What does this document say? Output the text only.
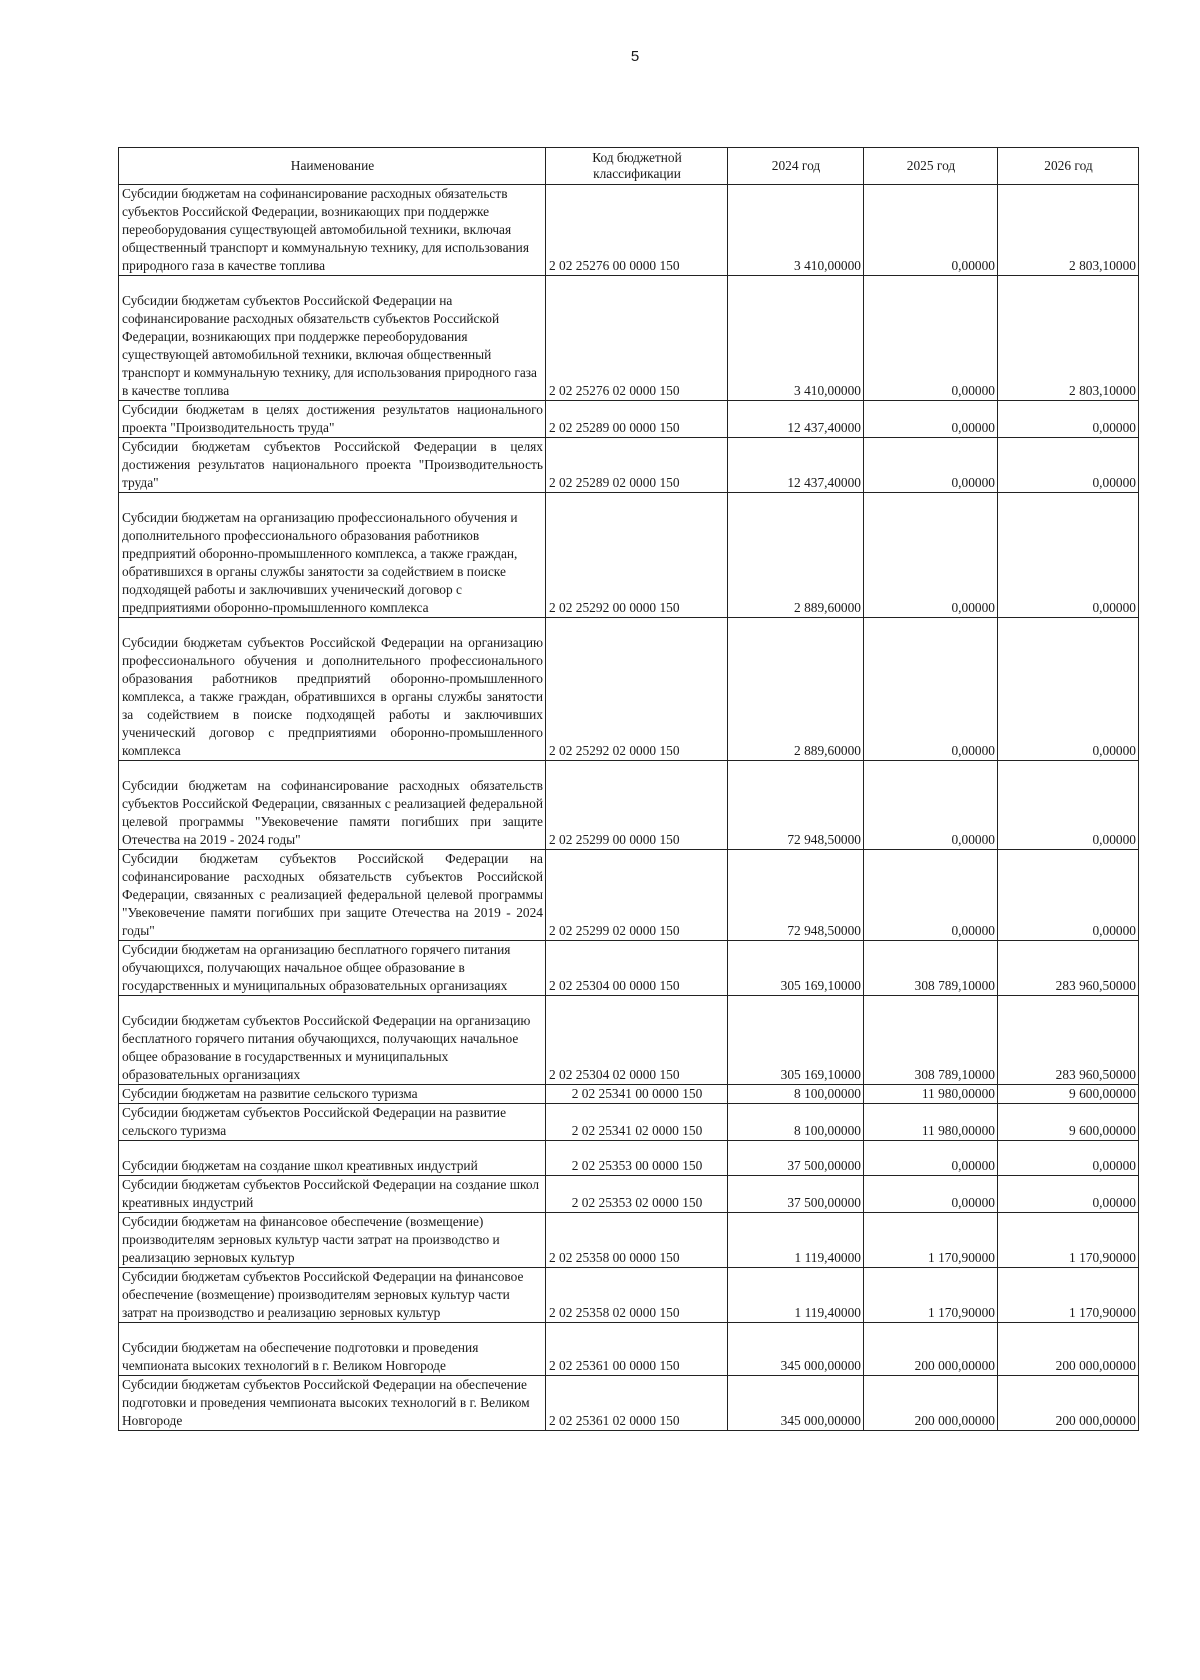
5
Наименование	Код бюджетной классификации	2024 год	2025 год	2026 год
Субсидии бюджетам на софинансирование расходных обязательств субъектов Российской Федерации, возникающих при поддержке переоборудования существующей автомобильной техники, включая общественный транспорт и коммунальную технику, для использования природного газа в качестве топлива	2 02 25276 00 0000 150	3 410,00000	0,00000	2 803,10000
Субсидии бюджетам субъектов Российской Федерации на софинансирование расходных обязательств субъектов Российской Федерации, возникающих при поддержке переоборудования существующей автомобильной техники, включая общественный транспорт и коммунальную технику, для использования природного газа в качестве топлива	2 02 25276 02 0000 150	3 410,00000	0,00000	2 803,10000
Субсидии бюджетам в целях достижения результатов национального проекта "Производительность труда"	2 02 25289 00 0000 150	12 437,40000	0,00000	0,00000
Субсидии бюджетам субъектов Российской Федерации в целях достижения результатов национального проекта "Производительность труда"	2 02 25289 02 0000 150	12 437,40000	0,00000	0,00000
Субсидии бюджетам на организацию профессионального обучения и дополнительного профессионального образования работников предприятий оборонно-промышленного комплекса, а также граждан, обратившихся в органы службы занятости за содействием в поиске подходящей работы и заключивших ученический договор с предприятиями оборонно-промышленного комплекса	2 02 25292 00 0000 150	2 889,60000	0,00000	0,00000
Субсидии бюджетам субъектов Российской Федерации на организацию профессионального обучения и дополнительного профессионального образования работников предприятий оборонно-промышленного комплекса, а также граждан, обратившихся в органы службы занятости за содействием в поиске подходящей работы и заключивших ученический договор с предприятиями оборонно-промышленного комплекса	2 02 25292 02 0000 150	2 889,60000	0,00000	0,00000
Субсидии бюджетам на софинансирование расходных обязательств субъектов Российской Федерации, связанных с реализацией федеральной целевой программы "Увековечение памяти погибших при защите Отечества на 2019 - 2024 годы"	2 02 25299 00 0000 150	72 948,50000	0,00000	0,00000
Субсидии бюджетам субъектов Российской Федерации на софинансирование расходных обязательств субъектов Российской Федерации, связанных с реализацией федеральной целевой программы "Увековечение памяти погибших при защите Отечества на 2019 - 2024 годы"	2 02 25299 02 0000 150	72 948,50000	0,00000	0,00000
Субсидии бюджетам на организацию бесплатного горячего питания обучающихся, получающих начальное общее образование в государственных и муниципальных образовательных организациях	2 02 25304 00 0000 150	305 169,10000	308 789,10000	283 960,50000
Субсидии бюджетам субъектов Российской Федерации на организацию бесплатного горячего питания обучающихся, получающих начальное общее образование в государственных и муниципальных образовательных организациях	2 02 25304 02 0000 150	305 169,10000	308 789,10000	283 960,50000
Субсидии бюджетам на развитие сельского туризма	2 02 25341 00 0000 150	8 100,00000	11 980,00000	9 600,00000
Субсидии бюджетам субъектов Российской Федерации на развитие сельского туризма	2 02 25341 02 0000 150	8 100,00000	11 980,00000	9 600,00000
Субсидии бюджетам на создание школ креативных индустрий	2 02 25353 00 0000 150	37 500,00000	0,00000	0,00000
Субсидии бюджетам субъектов Российской Федерации на создание школ креативных индустрий	2 02 25353 02 0000 150	37 500,00000	0,00000	0,00000
Субсидии бюджетам на финансовое обеспечение (возмещение) производителям зерновых культур части затрат на производство и реализацию зерновых культур	2 02 25358 00 0000 150	1 119,40000	1 170,90000	1 170,90000
Субсидии бюджетам субъектов Российской Федерации на финансовое обеспечение (возмещение) производителям зерновых культур части затрат на производство и реализацию зерновых культур	2 02 25358 02 0000 150	1 119,40000	1 170,90000	1 170,90000
Субсидии бюджетам на обеспечение подготовки и проведения чемпионата высоких технологий в г. Великом Новгороде	2 02 25361 00 0000 150	345 000,00000	200 000,00000	200 000,00000
Субсидии бюджетам субъектов Российской Федерации на обеспечение подготовки и проведения чемпионата высоких технологий в г. Великом Новгороде	2 02 25361 02 0000 150	345 000,00000	200 000,00000	200 000,00000
